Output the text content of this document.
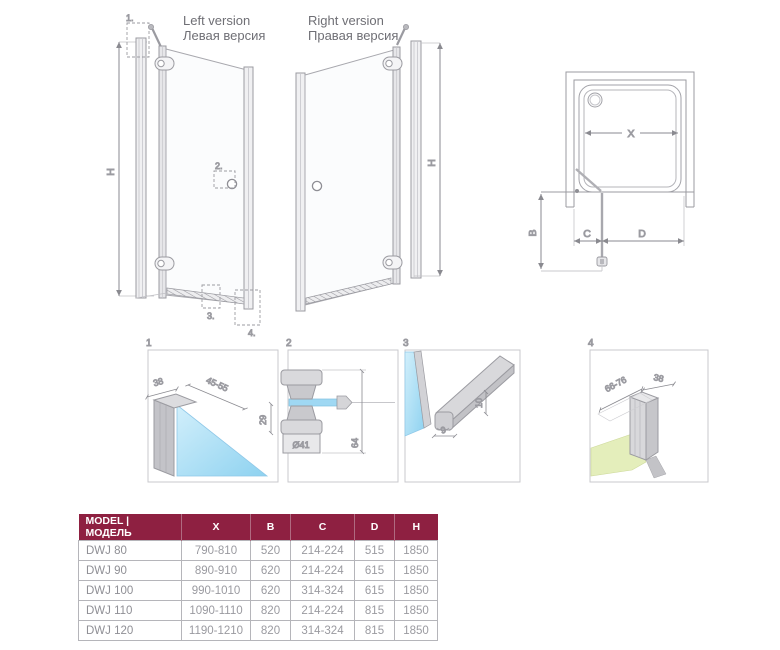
Left version
Левая версия
Right version
Правая версия
H
1.
2.
3.
4.
H
X
B	C	D
1
38	45-55
2
Ø41
29
64
3
9
10
4
66-76	38
MODEL | МОДЕЛЬ	X	B	C	D	H
DWJ 80	790-810	520	214-224	515	1850
DWJ 90	890-910	620	214-224	615	1850
DWJ 100	990-1010	620	314-324	615	1850
DWJ 110	1090-1110	820	214-224	815	1850
DWJ 120	1190-1210	820	314-324	815	1850
